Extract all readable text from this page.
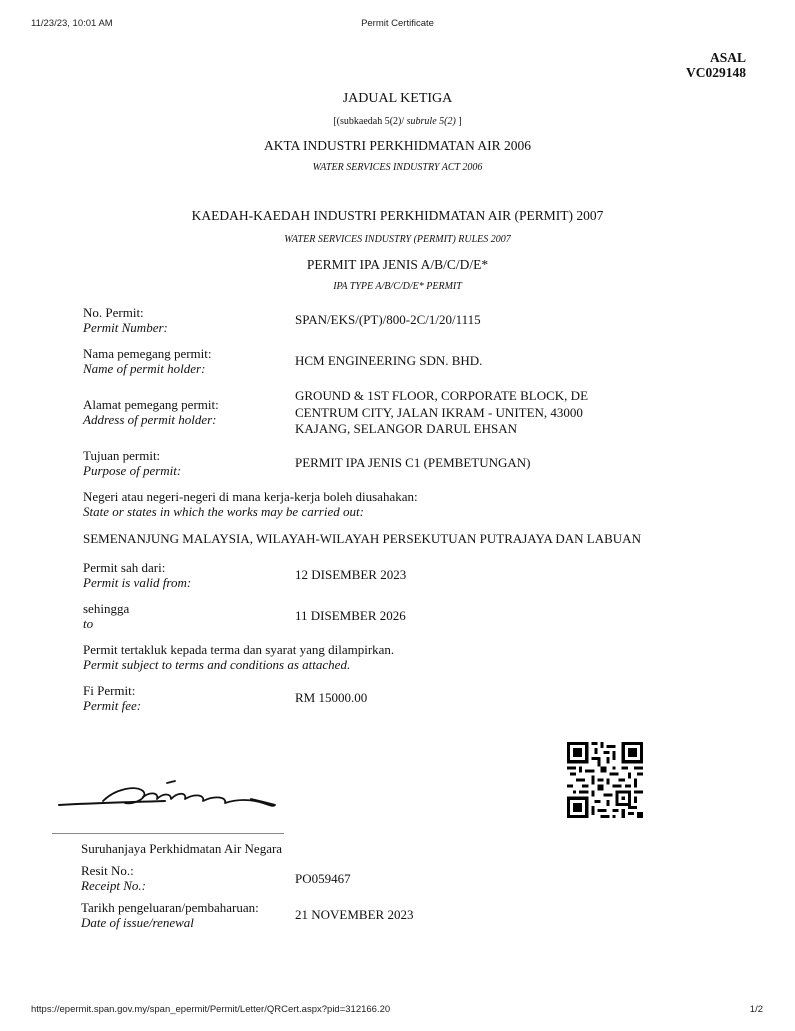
11/23/23, 10:01 AM	Permit Certificate
ASAL
VC029148
JADUAL KETIGA
[(subkaedah 5(2)/ subrule 5(2) ]
AKTA INDUSTRI PERKHIDMATAN AIR 2006
WATER SERVICES INDUSTRY ACT 2006
KAEDAH-KAEDAH INDUSTRI PERKHIDMATAN AIR (PERMIT) 2007
WATER SERVICES INDUSTRY (PERMIT) RULES 2007
PERMIT IPA JENIS A/B/C/D/E*
IPA TYPE A/B/C/D/E* PERMIT
No. Permit:
Permit Number:
SPAN/EKS/(PT)/800-2C/1/20/1115
Nama pemegang permit:
Name of permit holder:
HCM ENGINEERING SDN. BHD.
Alamat pemegang permit:
Address of permit holder:
GROUND & 1ST FLOOR, CORPORATE BLOCK, DE
CENTRUM CITY, JALAN IKRAM - UNITEN, 43000
KAJANG, SELANGOR DARUL EHSAN
Tujuan permit:
Purpose of permit:
PERMIT IPA JENIS C1 (PEMBETUNGAN)
Negeri atau negeri-negeri di mana kerja-kerja boleh diusahakan:
State or states in which the works may be carried out:
SEMENANJUNG MALAYSIA, WILAYAH-WILAYAH PERSEKUTUAN PUTRAJAYA DAN LABUAN
Permit sah dari:
Permit is valid from:
12 DISEMBER 2023
sehingga
to
11 DISEMBER 2026
Permit tertakluk kepada terma dan syarat yang dilampirkan.
Permit subject to terms and conditions as attached.
Fi Permit:
Permit fee:
RM 15000.00
Suruhanjaya Perkhidmatan Air Negara
Resit No.:
Receipt No.:	PO059467
Tarikh pengeluaran/pembaharuan:
Date of issue/renewal
21 NOVEMBER 2023
https://epermit.span.gov.my/span_epermit/Permit/Letter/QRCert.aspx?pid=312166.20	1/2
